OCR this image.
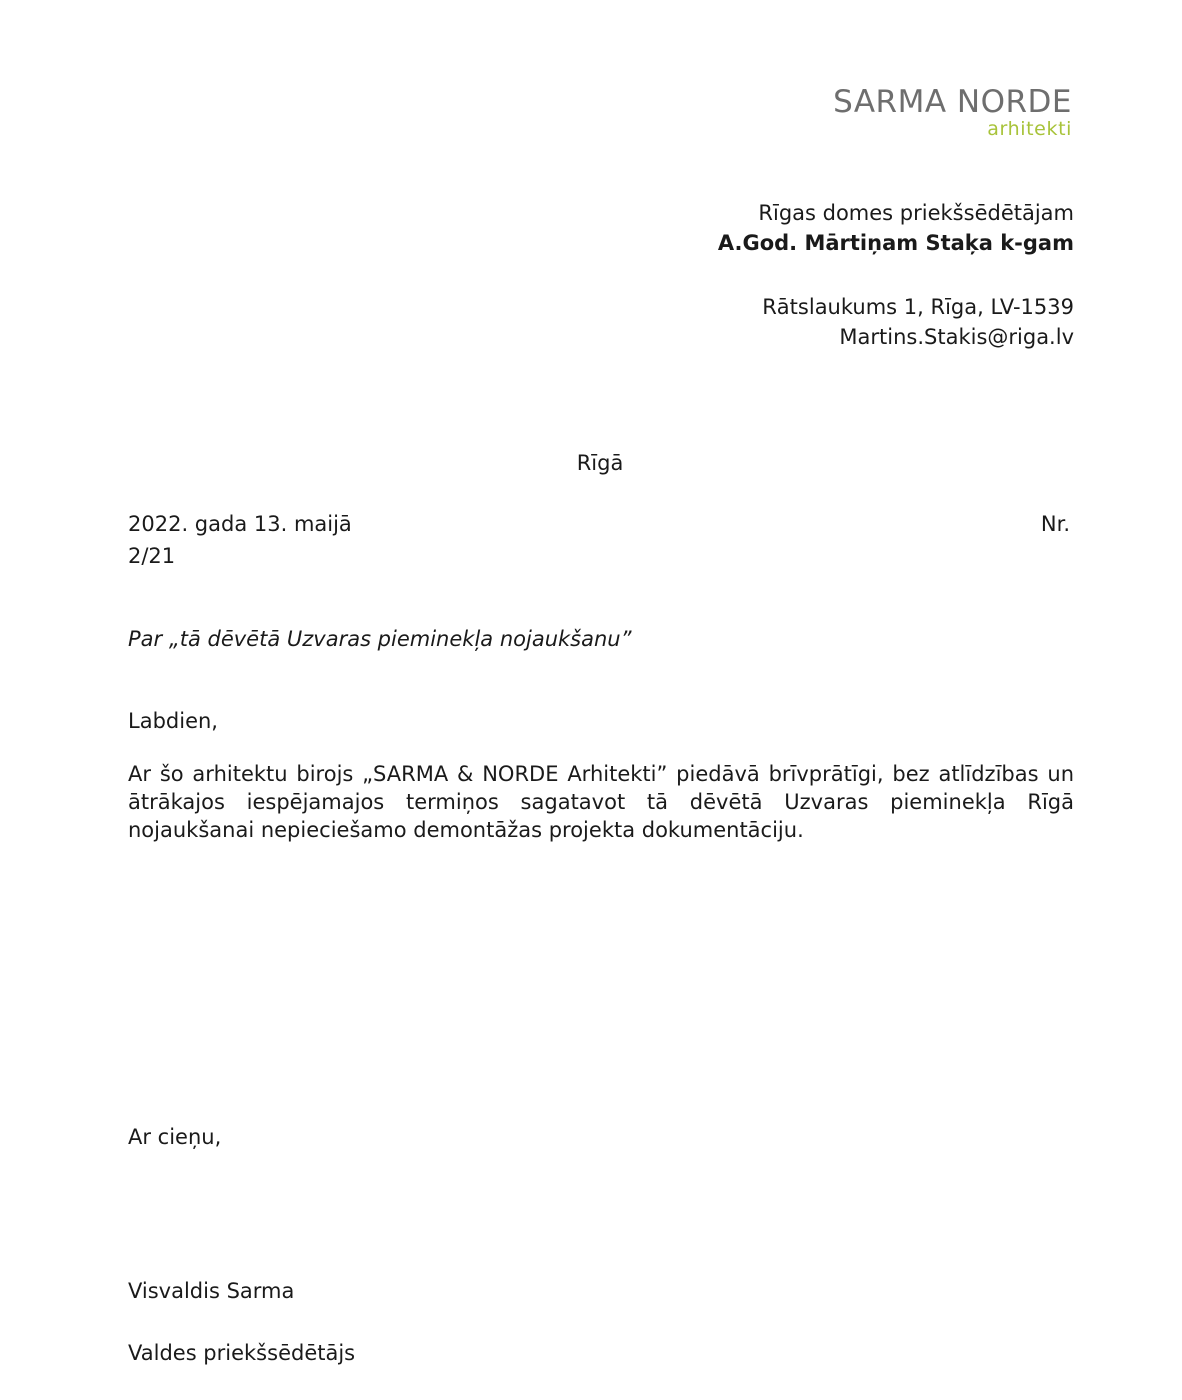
SARMA NORDE
arhitekti
Rīgas domes priekšsēdētājam
A.God. Mārtiņam Staķa k-gam
Rātslaukums 1, Rīga, LV-1539
Martins.Stakis@riga.lv
Rīgā
2022. gada 13. maijā
2/21
Nr.
Par „tā dēvētā Uzvaras pieminekļa nojaukšanu”
Labdien,
Ar šo arhitektu birojs „SARMA & NORDE Arhitekti” piedāvā brīvprātīgi, bez atlīdzības un ātrākajos iespējamajos termiņos sagatavot tā dēvētā Uzvaras pieminekļa Rīgā nojaukšanai nepieciešamo demontāžas projekta dokumentāciju.
Ar cieņu,
Visvaldis Sarma
Valdes priekšsēdētājs
